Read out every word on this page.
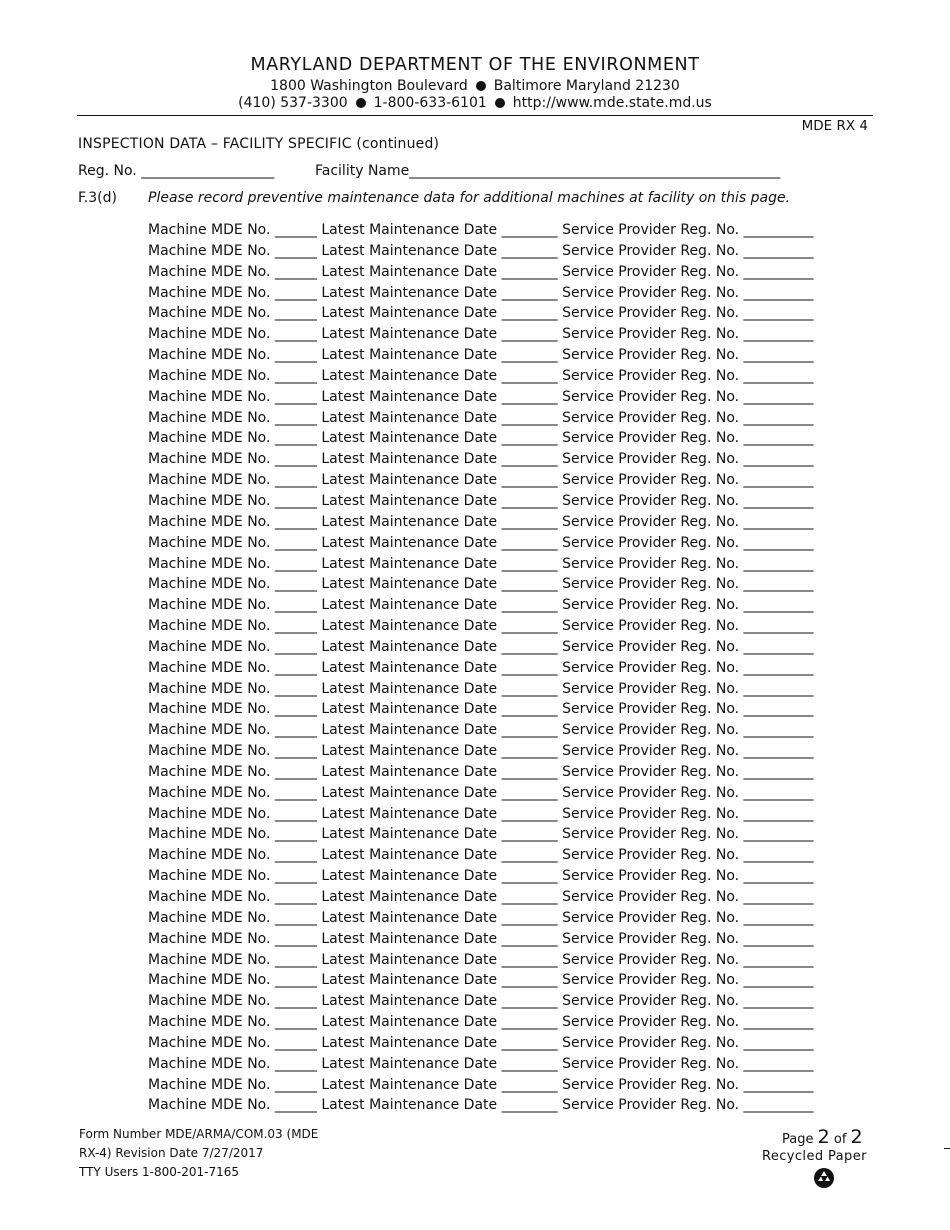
MARYLAND DEPARTMENT OF THE ENVIRONMENT
1800 Washington Boulevard Baltimore Maryland 21230
(410) 537-3300 1-800-633-6101 http://www.mde.state.md.us
MDE RX 4
INSPECTION DATA – FACILITY SPECIFIC (continued)
Reg. No. ___________________	Facility Name_____________________________________________________
F.3(d) Please record preventive maintenance data for additional machines at facility on this page.
Machine MDE No. ______ Latest Maintenance Date ________ Service Provider Reg. No. __________
Machine MDE No. ______ Latest Maintenance Date ________ Service Provider Reg. No. __________
Machine MDE No. ______ Latest Maintenance Date ________ Service Provider Reg. No. __________
Machine MDE No. ______ Latest Maintenance Date ________ Service Provider Reg. No. __________
Machine MDE No. ______ Latest Maintenance Date ________ Service Provider Reg. No. __________
Machine MDE No. ______ Latest Maintenance Date ________ Service Provider Reg. No. __________
Machine MDE No. ______ Latest Maintenance Date ________ Service Provider Reg. No. __________
Machine MDE No. ______ Latest Maintenance Date ________ Service Provider Reg. No. __________
Machine MDE No. ______ Latest Maintenance Date ________ Service Provider Reg. No. __________
Machine MDE No. ______ Latest Maintenance Date ________ Service Provider Reg. No. __________
Machine MDE No. ______ Latest Maintenance Date ________ Service Provider Reg. No. __________
Machine MDE No. ______ Latest Maintenance Date ________ Service Provider Reg. No. __________
Machine MDE No. ______ Latest Maintenance Date ________ Service Provider Reg. No. __________
Machine MDE No. ______ Latest Maintenance Date ________ Service Provider Reg. No. __________
Machine MDE No. ______ Latest Maintenance Date ________ Service Provider Reg. No. __________
Machine MDE No. ______ Latest Maintenance Date ________ Service Provider Reg. No. __________
Machine MDE No. ______ Latest Maintenance Date ________ Service Provider Reg. No. __________
Machine MDE No. ______ Latest Maintenance Date ________ Service Provider Reg. No. __________
Machine MDE No. ______ Latest Maintenance Date ________ Service Provider Reg. No. __________
Machine MDE No. ______ Latest Maintenance Date ________ Service Provider Reg. No. __________
Machine MDE No. ______ Latest Maintenance Date ________ Service Provider Reg. No. __________
Machine MDE No. ______ Latest Maintenance Date ________ Service Provider Reg. No. __________
Machine MDE No. ______ Latest Maintenance Date ________ Service Provider Reg. No. __________
Machine MDE No. ______ Latest Maintenance Date ________ Service Provider Reg. No. __________
Machine MDE No. ______ Latest Maintenance Date ________ Service Provider Reg. No. __________
Machine MDE No. ______ Latest Maintenance Date ________ Service Provider Reg. No. __________
Machine MDE No. ______ Latest Maintenance Date ________ Service Provider Reg. No. __________
Machine MDE No. ______ Latest Maintenance Date ________ Service Provider Reg. No. __________
Machine MDE No. ______ Latest Maintenance Date ________ Service Provider Reg. No. __________
Machine MDE No. ______ Latest Maintenance Date ________ Service Provider Reg. No. __________
Machine MDE No. ______ Latest Maintenance Date ________ Service Provider Reg. No. __________
Machine MDE No. ______ Latest Maintenance Date ________ Service Provider Reg. No. __________
Machine MDE No. ______ Latest Maintenance Date ________ Service Provider Reg. No. __________
Machine MDE No. ______ Latest Maintenance Date ________ Service Provider Reg. No. __________
Machine MDE No. ______ Latest Maintenance Date ________ Service Provider Reg. No. __________
Machine MDE No. ______ Latest Maintenance Date ________ Service Provider Reg. No. __________
Machine MDE No. ______ Latest Maintenance Date ________ Service Provider Reg. No. __________
Machine MDE No. ______ Latest Maintenance Date ________ Service Provider Reg. No. __________
Machine MDE No. ______ Latest Maintenance Date ________ Service Provider Reg. No. __________
Machine MDE No. ______ Latest Maintenance Date ________ Service Provider Reg. No. __________
Machine MDE No. ______ Latest Maintenance Date ________ Service Provider Reg. No. __________
Machine MDE No. ______ Latest Maintenance Date ________ Service Provider Reg. No. __________
Machine MDE No. ______ Latest Maintenance Date ________ Service Provider Reg. No. __________
Form Number MDE/ARMA/COM.03 (MDE
RX-4) Revision Date 7/27/2017
TTY Users 1-800-201-7165
Page 2 of 2
Recycled Paper
